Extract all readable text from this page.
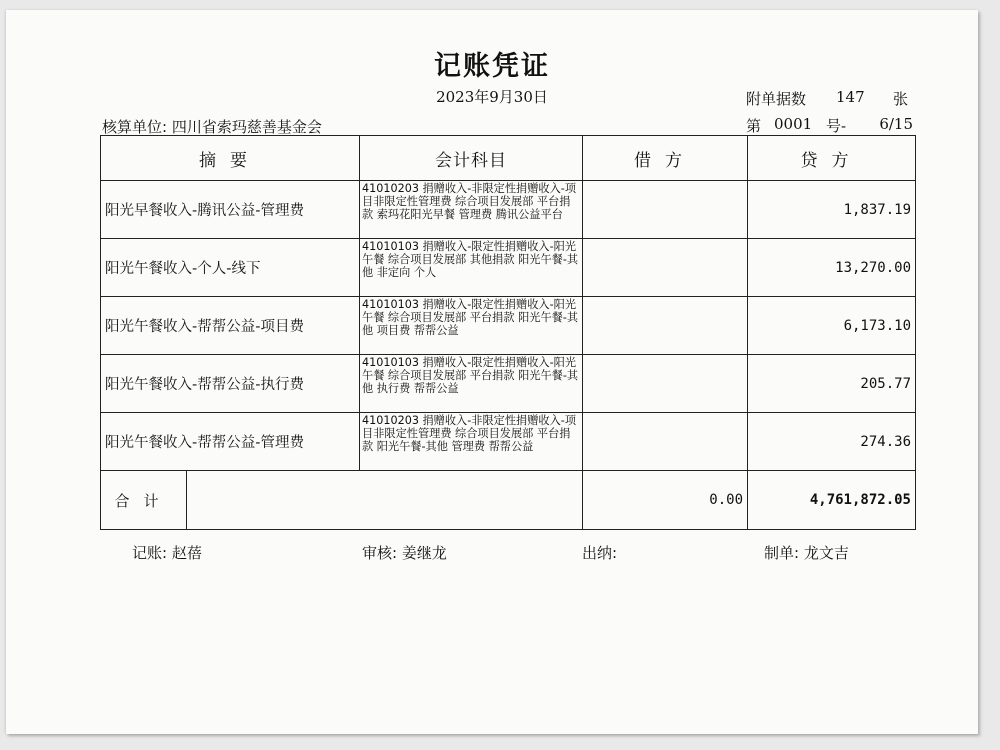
记账凭证
2023年9月30日	附单据数 147 张
核算单位: 四川省索玛慈善基金会	第 0001 号- 6/15
摘要	会计科目	借方	贷方
阳光早餐收入-腾讯公益-管理费	41010203 捐赠收入-非限定性捐赠收入-项目非限定性管理费 综合项目发展部 平台捐款 索玛花阳光早餐 管理费 腾讯公益平台		1,837.19
阳光午餐收入-个人-线下	41010103 捐赠收入-限定性捐赠收入-阳光午餐 综合项目发展部 其他捐款 阳光午餐-其他 非定向 个人		13,270.00
阳光午餐收入-帮帮公益-项目费	41010103 捐赠收入-限定性捐赠收入-阳光午餐 综合项目发展部 平台捐款 阳光午餐-其他 项目费 帮帮公益		6,173.10
阳光午餐收入-帮帮公益-执行费	41010103 捐赠收入-限定性捐赠收入-阳光午餐 综合项目发展部 平台捐款 阳光午餐-其他 执行费 帮帮公益		205.77
阳光午餐收入-帮帮公益-管理费	41010203 捐赠收入-非限定性捐赠收入-项目非限定性管理费 综合项目发展部 平台捐款 阳光午餐-其他 管理费 帮帮公益		274.36

合计		0.00	4,761,872.05
记账: 赵蓓	审核: 姜继龙	出纳:	制单: 龙文吉
